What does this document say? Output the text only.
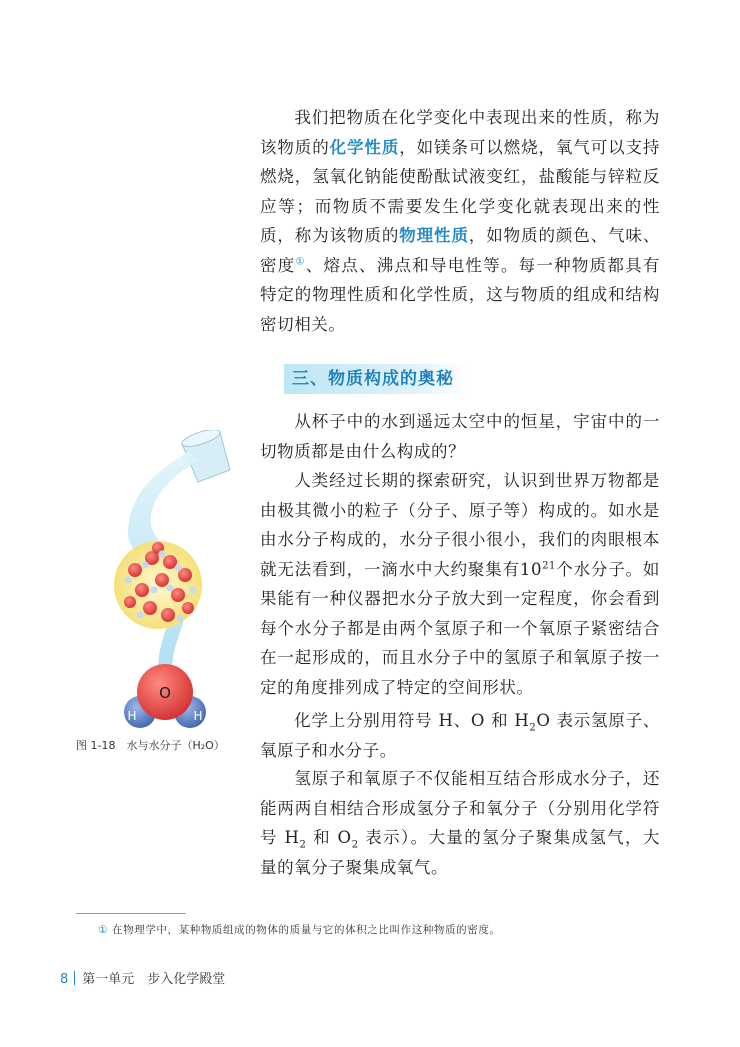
我们把物质在化学变化中表现出来的性质，称为该物质的化学性质，如镁条可以燃烧，氧气可以支持燃烧，氢氧化钠能使酚酞试液变红，盐酸能与锌粒反应等；而物质不需要发生化学变化就表现出来的性质，称为该物质的物理性质，如物质的颜色、气味、密度①、熔点、沸点和导电性等。每一种物质都具有特定的物理性质和化学性质，这与物质的组成和结构密切相关。

三、物质构成的奥秘

从杯子中的水到遥远太空中的恒星，宇宙中的一切物质都是由什么构成的？

人类经过长期的探索研究，认识到世界万物都是由极其微小的粒子（分子、原子等）构成的。如水是由水分子构成的，水分子很小很小，我们的肉眼根本就无法看到，一滴水中大约聚集有$10^{21}$个水分子。如果能有一种仪器把水分子放大到一定程度，你会看到每个水分子都是由两个氢原子和一个氧原子紧密结合在一起形成的，而且水分子中的氢原子和氧原子按一定的角度排列成了特定的空间形状。

化学上分别用符号 H、O 和 $H_2O$ 表示氢原子、氧原子和水分子。

氢原子和氧原子不仅能相互结合形成水分子，还能两两自相结合形成氢分子和氧分子（分别用化学符号 $H_2$ 和 $O_2$ 表示）。大量的氢分子聚集成氢气，大量的氧分子聚集成氧气。

O
H	H
图 1-18　水与水分子（H₂O）
① 在物理学中，某种物质组成的物体的质量与它的体积之比叫作这种物质的密度。
8 第一单元　步入化学殿堂
